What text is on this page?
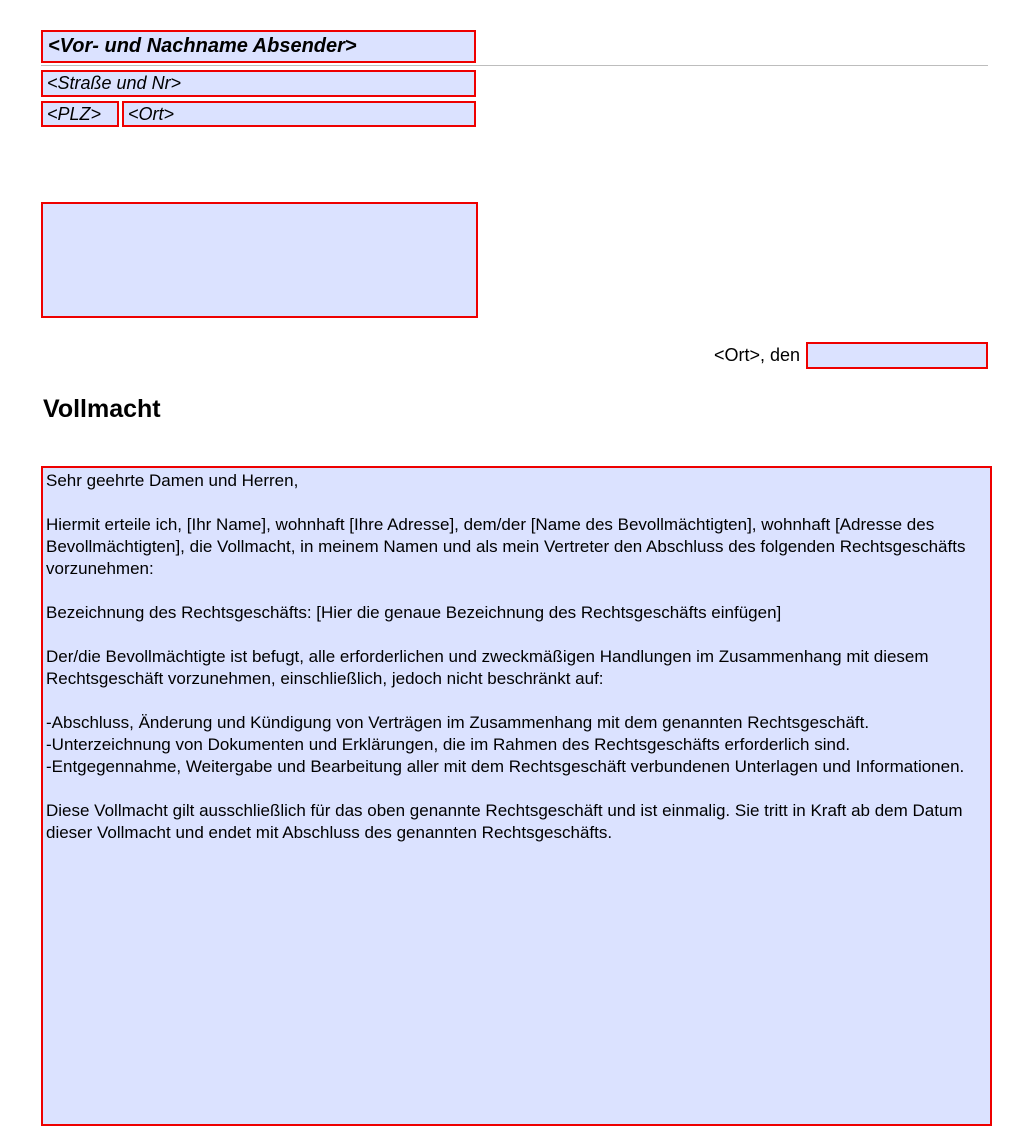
<Vor- und Nachname Absender>
<Straße und Nr>
<PLZ>	<Ort>
<Ort>, den
Vollmacht

Sehr geehrte Damen und Herren,

Hiermit erteile ich, [Ihr Name], wohnhaft [Ihre Adresse], dem/der [Name des Bevollmächtigten], wohnhaft [Adresse des Bevollmächtigten], die Vollmacht, in meinem Namen und als mein Vertreter den Abschluss des folgenden Rechtsgeschäfts vorzunehmen:

Bezeichnung des Rechtsgeschäfts: [Hier die genaue Bezeichnung des Rechtsgeschäfts einfügen]

Der/die Bevollmächtigte ist befugt, alle erforderlichen und zweckmäßigen Handlungen im Zusammenhang mit diesem Rechtsgeschäft vorzunehmen, einschließlich, jedoch nicht beschränkt auf:

-Abschluss, Änderung und Kündigung von Verträgen im Zusammenhang mit dem genannten Rechtsgeschäft.
-Unterzeichnung von Dokumenten und Erklärungen, die im Rahmen des Rechtsgeschäfts erforderlich sind.
-Entgegennahme, Weitergabe und Bearbeitung aller mit dem Rechtsgeschäft verbundenen Unterlagen und Informationen.

Diese Vollmacht gilt ausschließlich für das oben genannte Rechtsgeschäft und ist einmalig. Sie tritt in Kraft ab dem Datum dieser Vollmacht und endet mit Abschluss des genannten Rechtsgeschäfts.
